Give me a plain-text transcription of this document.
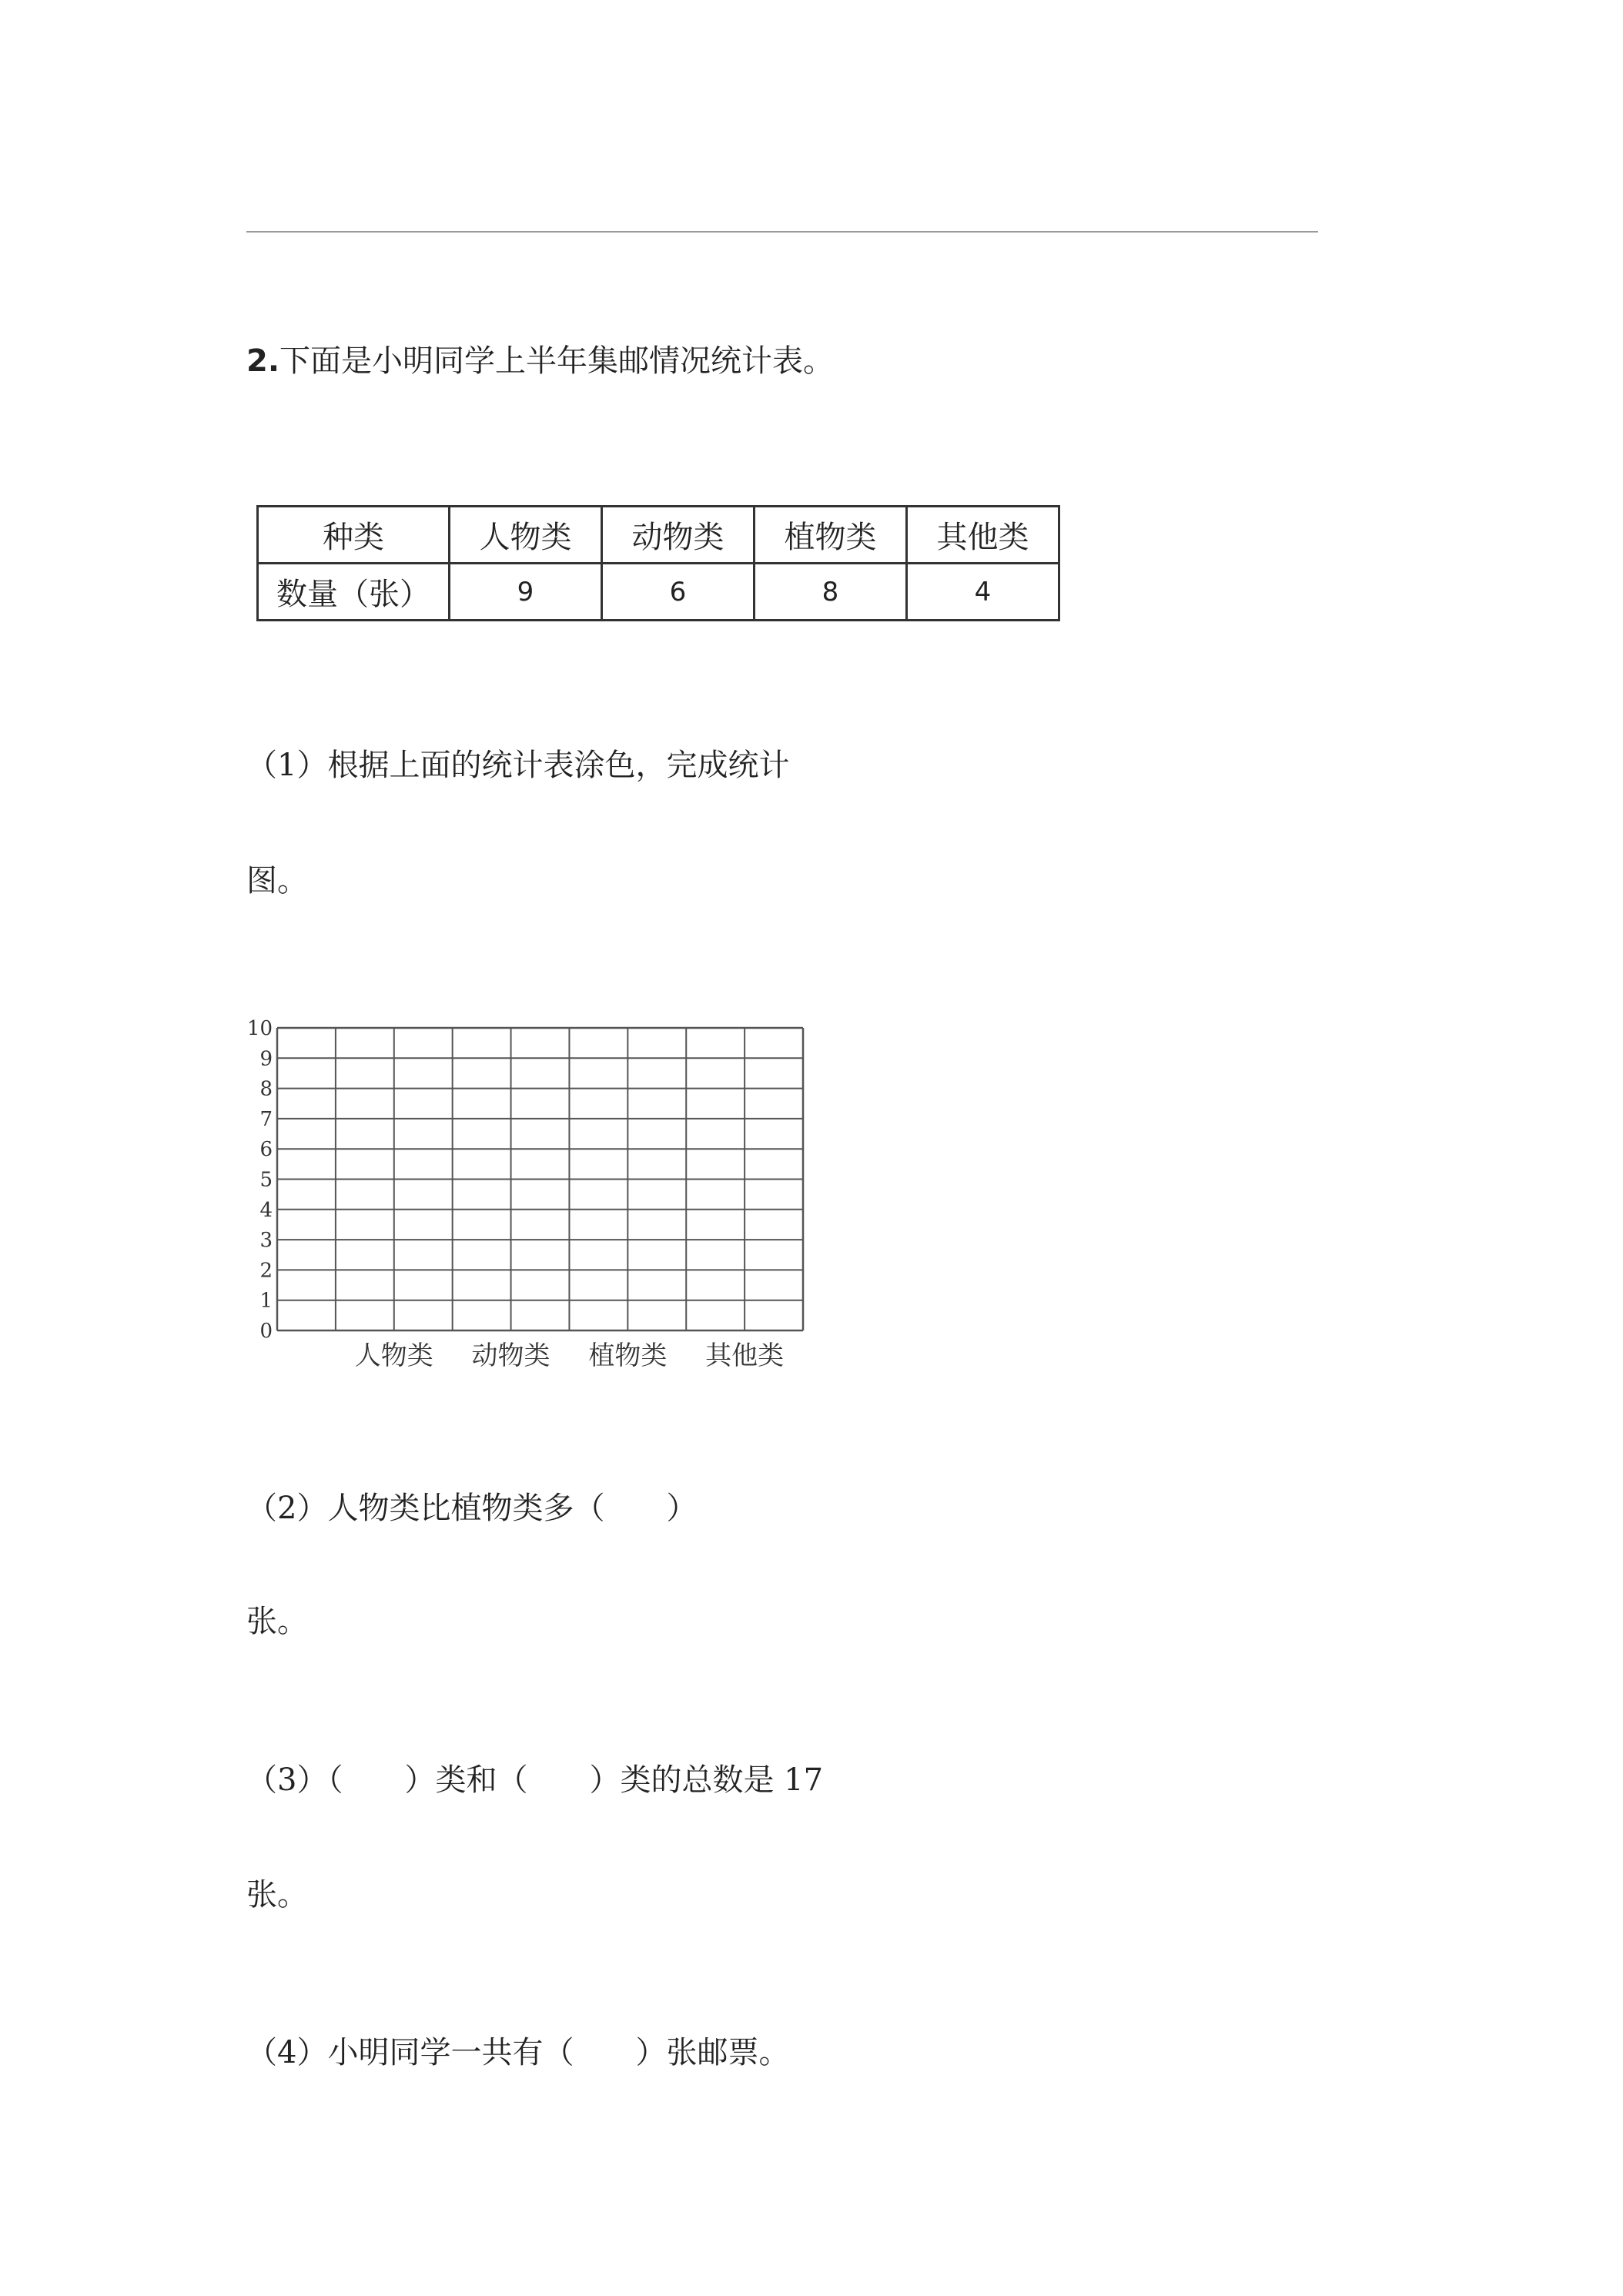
2.下面是小明同学上半年集邮情况统计表。
种类	人物类	动物类	植物类	其他类
数量（张）	9	6	8	4
（1）根据上面的统计表涂色，完成统计
图。
0
1
2
3
4
5
6
7
8
9
10
人物类 动物类 植物类 其他类
（2）人物类比植物类多（　　）
张。
（3）（　　）类和（　　）类的总数是 17
张。
（4）小明同学一共有（　　）张邮票。
